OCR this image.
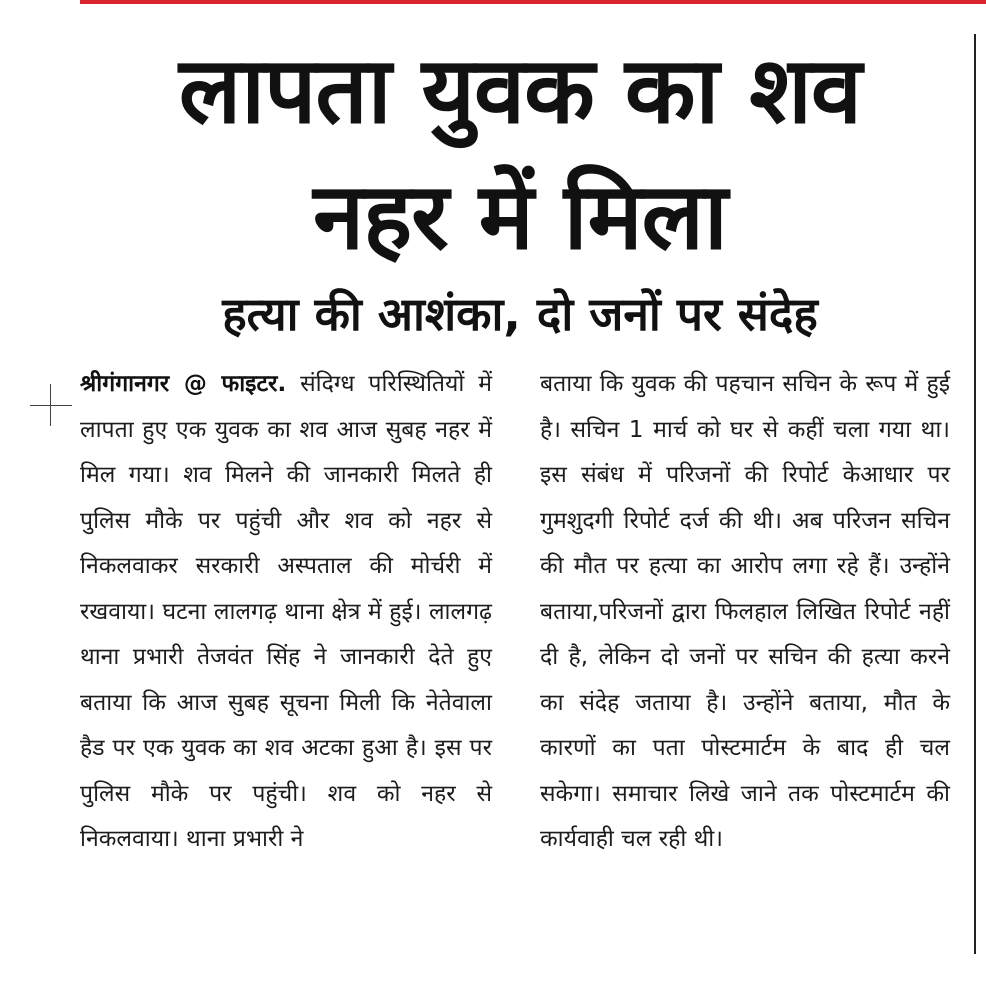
लापता युवक का शव
नहर में मिला
हत्या की आशंका, दो जनों पर संदेह

श्रीगंगानगर @ फाइटर. संदिग्ध परिस्थितियों में लापता हुए एक युवक का शव आज सुबह नहर में मिल गया। शव मिलने की जानकारी मिलते ही पुलिस मौके पर पहुंची और शव को नहर से निकलवाकर सरकारी अस्पताल की मोर्चरी में रखवाया। घटना लालगढ़ थाना क्षेत्र में हुई। लालगढ़ थाना प्रभारी तेजवंत सिंह ने जानकारी देते हुए बताया कि आज सुबह सूचना मिली कि नेतेवाला हैड पर एक युवक का शव अटका हुआ है। इस पर पुलिस मौके पर पहुंची। शव को नहर से निकलवाया। थाना प्रभारी ने

बताया कि युवक की पहचान सचिन के रूप में हुई है। सचिन 1 मार्च को घर से कहीं चला गया था। इस संबंध में परिजनों की रिपोर्ट केआधार पर गुमशुदगी रिपोर्ट दर्ज की थी। अब परिजन सचिन की मौत पर हत्या का आरोप लगा रहे हैं। उन्होंने बताया,परिजनों द्वारा फिलहाल लिखित रिपोर्ट नहीं दी है, लेकिन दो जनों पर सचिन की हत्या करने का संदेह जताया है। उन्होंने बताया, मौत के कारणों का पता पोस्टमार्टम के बाद ही चल सकेगा। समाचार लिखे जाने तक पोस्टमार्टम की कार्यवाही चल रही थी।
